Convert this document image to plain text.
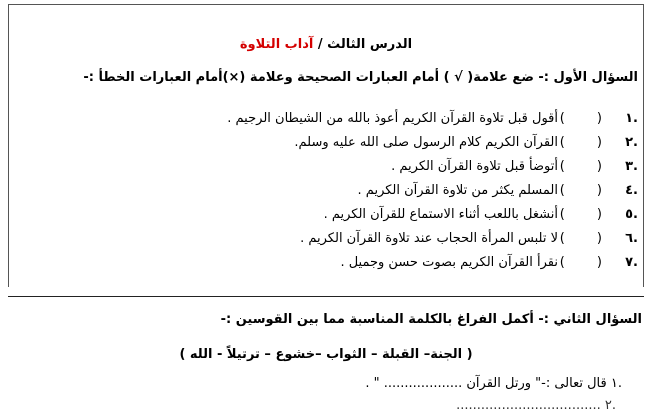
الدرس الثالث / آداب التلاوة
السؤال الأول :- ضع علامة( √ ) أمام العبارات الصحيحة وعلامة (×)أمام العبارات الخطأ :-
.١
( )
أقول قبل تلاوة القرآن الكريم أعوذ بالله من الشيطان الرجيم .
.٢
( )
القرآن الكريم كلام الرسول صلى الله عليه وسلم.
.٣
( )
أتوضأ قبل تلاوة القرآن الكريم .
.٤
( )
المسلم يكثر من تلاوة القرآن الكريم .
.٥
( )
أنشغل باللعب أثناء الاستماع للقرآن الكريم .
.٦
( )
لا تلبس المرأة الحجاب عند تلاوة القرآن الكريم .
.٧
( )
نقرأ القرآن الكريم بصوت حسن وجميل .
السؤال الثاني :- أكمل الفراغ بالكلمة المناسبة مما بين القوسين :-
( الجنة– القبلة – الثواب –خشوع – ترتيلاً - الله )
.١ قال تعالى :-" ورتل القرآن ................... " .
.٢ ...................................
